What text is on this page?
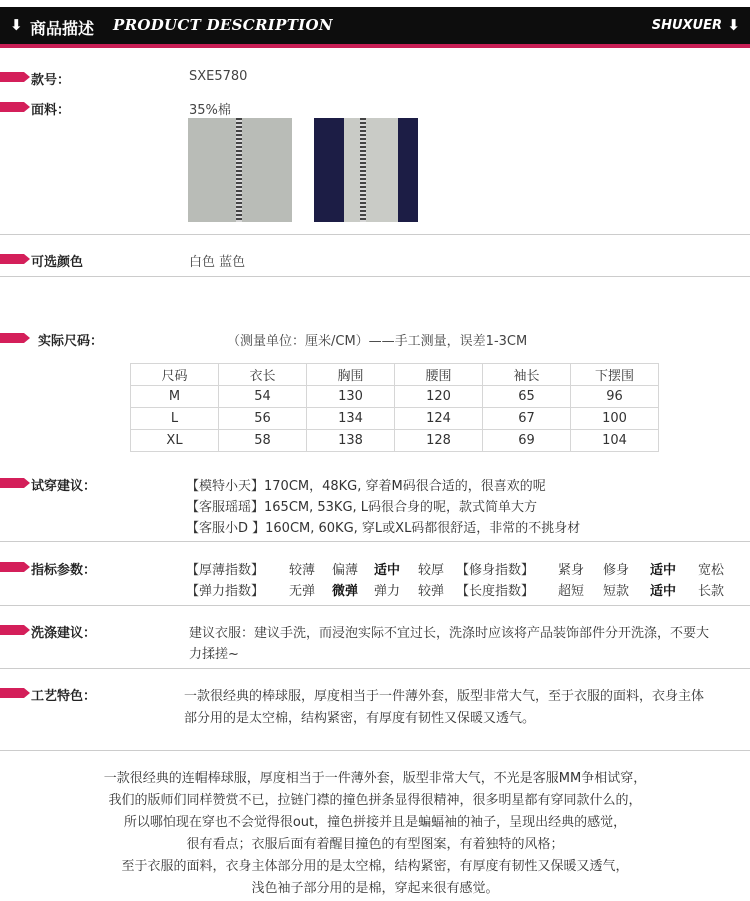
⬇ 商品描述 PRODUCT DESCRIPTION	SHUXUER ⬇
款号：	SXE5780
面料：	35%棉
可选颜色	白色 蓝色
实际尺码：	（测量单位：厘米/CM）——手工测量，误差1-3CM
尺码	衣长	胸围	腰围	袖长	下摆围
M	54	130	120	65	96
L	56	134	124	67	100
XL	58	138	128	69	104
试穿建议：	【模特小天】170CM，48KG, 穿着M码很合适的，很喜欢的呢
【客服瑶瑶】165CM, 53KG, L码很合身的呢，款式简单大方
【客服小D 】160CM, 60KG, 穿L或XL码都很舒适，非常的不挑身材
指标参数：	【厚薄指数】 较薄 偏薄 适中 较厚 【修身指数】 紧身 修身 适中 宽松
【弹力指数】 无弹 微弹 弹力 较弹 【长度指数】 超短 短款 适中 长款
洗涤建议：	建议衣服：建议手洗，而浸泡实际不宜过长，洗涤时应该将产品装饰部件分开洗涤，不要大
力揉搓~
工艺特色：	一款很经典的棒球服，厚度相当于一件薄外套，版型非常大气，至于衣服的面料，衣身主体
部分用的是太空棉，结构紧密，有厚度有韧性又保暖又透气。
一款很经典的连帽棒球服，厚度相当于一件薄外套，版型非常大气，不光是客服MM争相试穿，
我们的版师们同样赞赏不已，拉链门襟的撞色拼条显得很精神，很多明星都有穿同款什么的，
所以哪怕现在穿也不会觉得很out，撞色拼接并且是蝙蝠袖的袖子，呈现出经典的感觉，
很有看点；衣服后面有着醒目撞色的有型图案，有着独特的风格；
至于衣服的面料，衣身主体部分用的是太空棉，结构紧密，有厚度有韧性又保暖又透气，
浅色袖子部分用的是棉，穿起来很有感觉。
